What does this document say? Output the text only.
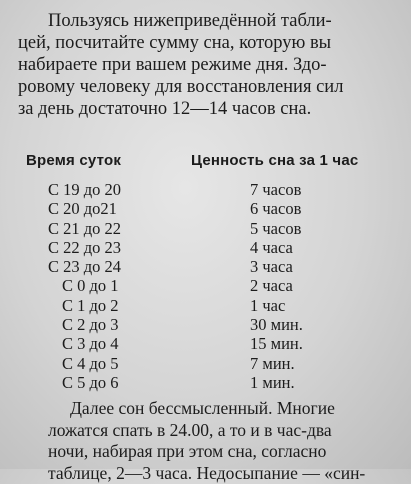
Пользуясь нижеприведённой табли-

цей, посчитайте сумму сна, которую вы

набираете при вашем режиме дня. Здо-

ровому человеку для восстановления сил

за день достаточно 12—14 часов сна.

Время суток	Ценность сна за 1 час
С 19 до 20	7 часов
С 20 до21	6 часов
С 21 до 22	5 часов
С 22 до 23	4 часа
С 23 до 24	3 часа
С 0 до 1	2 часа
С 1 до 2	1 час
С 2 до 3	30 мин.
С 3 до 4	15 мин.
С 4 до 5	7 мин.
С 5 до 6	1 мин.

Далее сон бессмысленный. Многие

ложатся спать в 24.00, а то и в час-два

ночи, набирая при этом сна, согласно

таблице, 2—3 часа. Недосыпание — «син-
